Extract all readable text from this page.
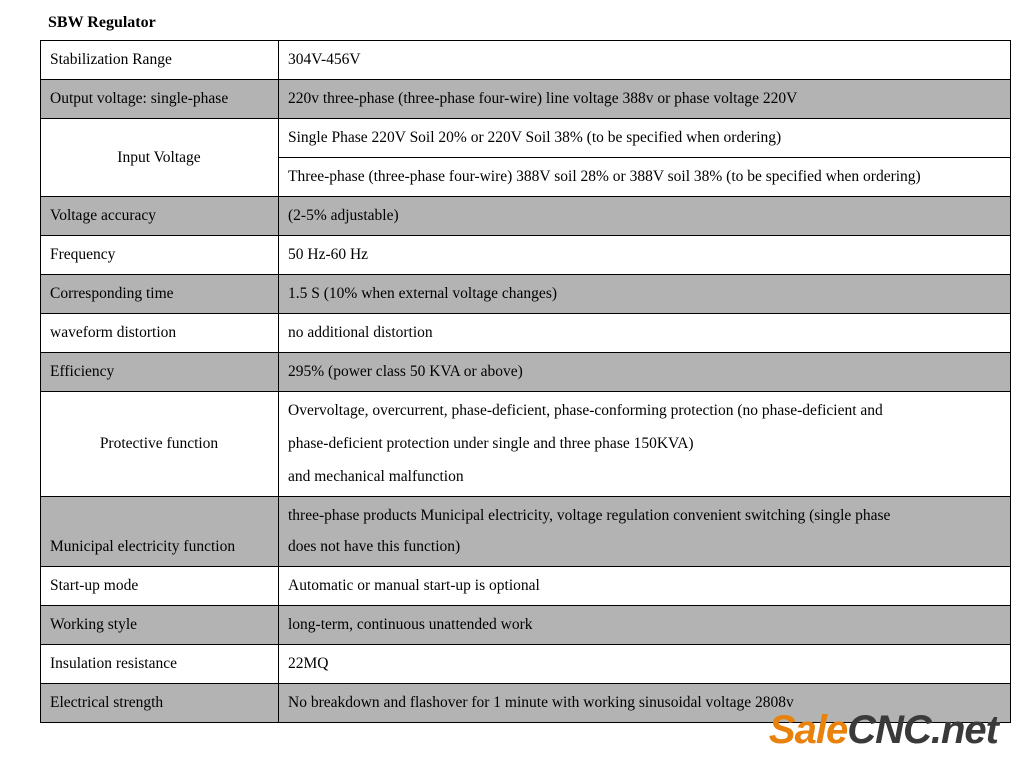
SBW Regulator
Stabilization Range	304V-456V
Output voltage: single-phase	220v three-phase (three-phase four-wire) line voltage 388v or phase voltage 220V
Input Voltage	Single Phase 220V Soil 20% or 220V Soil 38% (to be specified when ordering)
	Three-phase (three-phase four-wire) 388V soil 28% or 388V soil 38% (to be specified when ordering)
Voltage accuracy	(2-5% adjustable)
Frequency	50 Hz-60 Hz
Corresponding time	1.5 S (10% when external voltage changes)
waveform distortion	no additional distortion
Efficiency	295% (power class 50 KVA or above)
Protective function	Overvoltage, overcurrent, phase-deficient, phase-conforming protection (no phase-deficient and
phase-deficient protection under single and three phase 150KVA)
and mechanical malfunction

Municipal electricity function	three-phase products Municipal electricity, voltage regulation convenient switching (single phase
does not have this function)

Start-up mode	Automatic or manual start-up is optional
Working style	long-term, continuous unattended work
Insulation resistance	22MQ
Electrical strength	No breakdown and flashover for 1 minute with working sinusoidal voltage 2808v
SaleCNC.net
